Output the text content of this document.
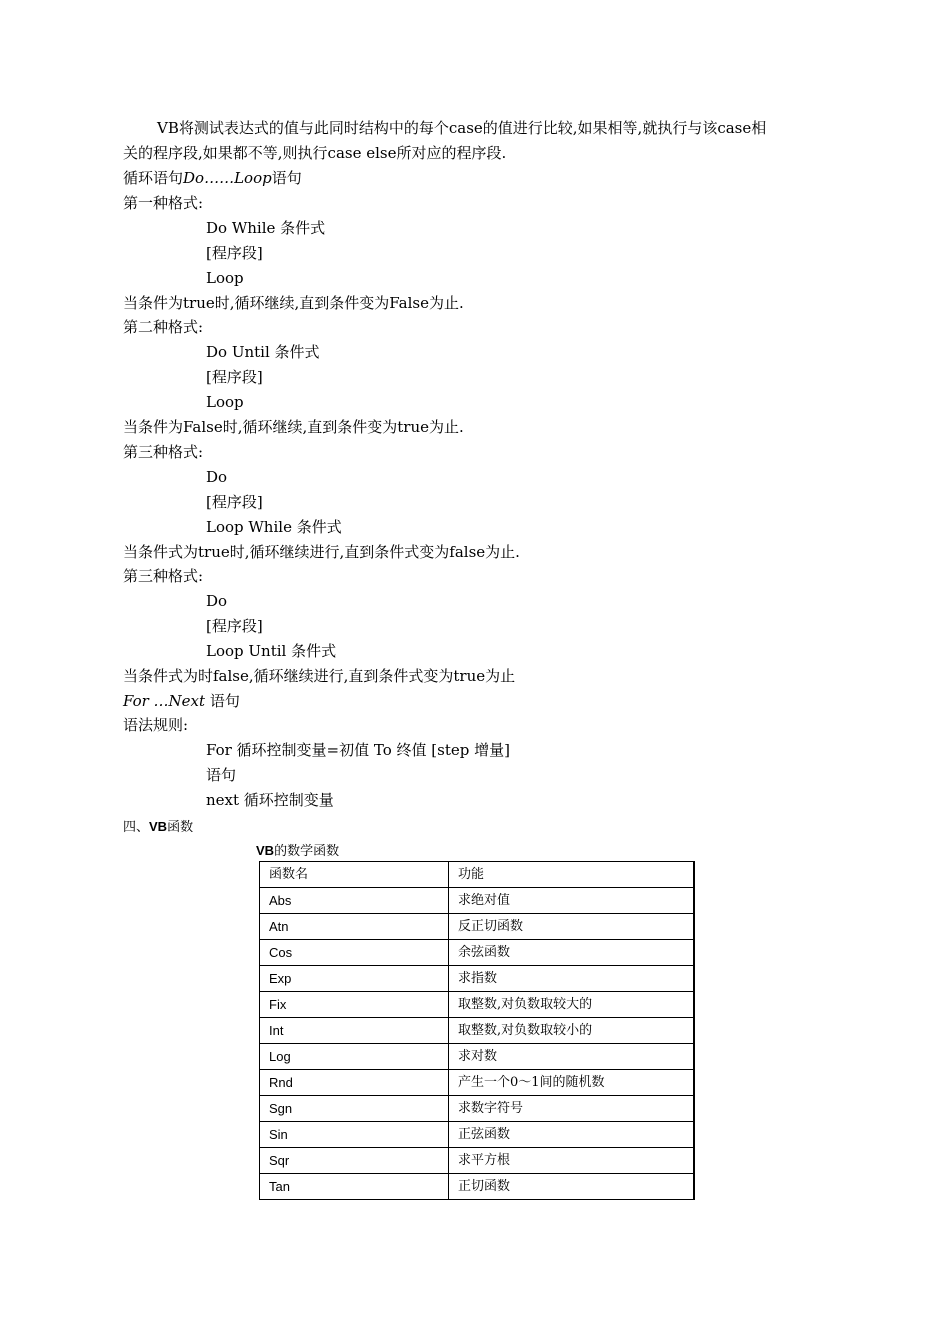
VB将测试表达式的值与此同时结构中的每个case的值进行比较,如果相等,就执行与该case相
关的程序段,如果都不等,则执行case else所对应的程序段.
循环语句Do……Loop语句
第一种格式:
Do While 条件式
[程序段]
Loop
当条件为true时,循环继续,直到条件变为False为止.
第二种格式:
Do Until 条件式
[程序段]
Loop
当条件为False时,循环继续,直到条件变为true为止.
第三种格式:
Do
[程序段]
Loop While 条件式
当条件式为true时,循环继续进行,直到条件式变为false为止.
第三种格式:
Do
[程序段]
Loop Until 条件式
当条件式为时false,循环继续进行,直到条件式变为true为止
For …Next 语句
语法规则:
For 循环控制变量=初值 To 终值 [step 增量]
语句
next 循环控制变量
四、VB函数
VB的数学函数
函数名	功能
Abs	求绝对值
Atn	反正切函数
Cos	余弦函数
Exp	求指数
Fix	取整数,对负数取较大的
Int	取整数,对负数取较小的
Log	求对数
Rnd	产生一个0～1间的随机数
Sgn	求数字符号
Sin	正弦函数
Sqr	求平方根
Tan	正切函数
